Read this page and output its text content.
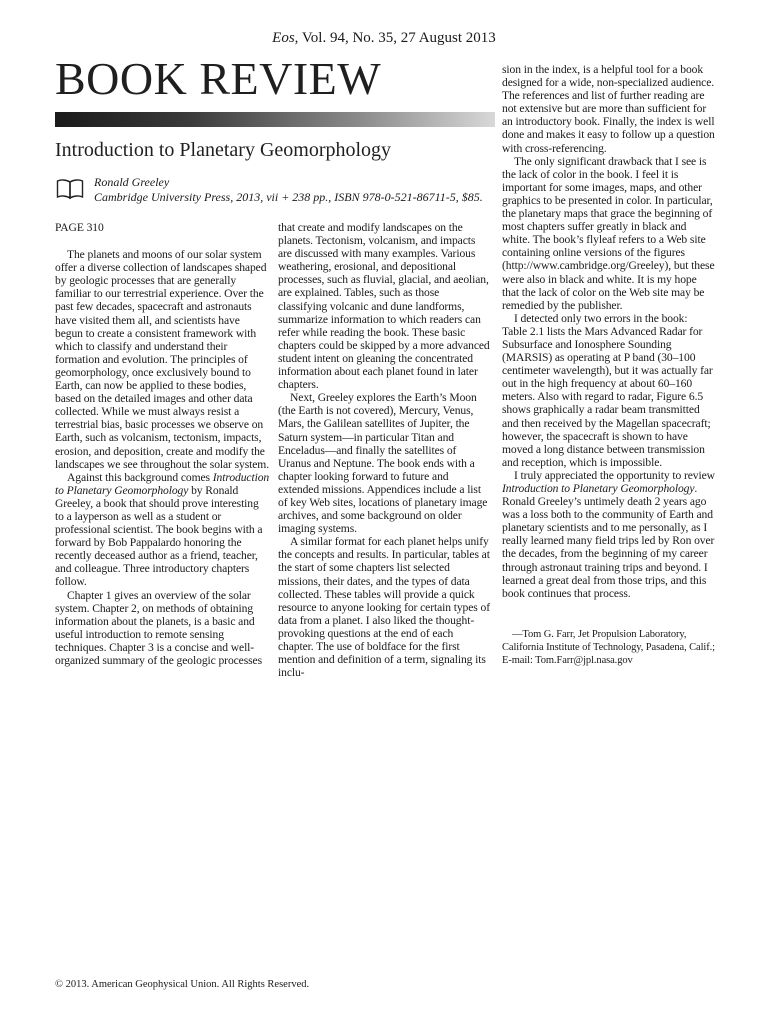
Eos, Vol. 94, No. 35, 27 August 2013
BOOK REVIEW
Introduction to Planetary Geomorphology
Ronald Greeley
Cambridge University Press, 2013, vii + 238 pp., ISBN 978-0-521-86711-5, $85.

PAGE 310

The planets and moons of our solar system offer a diverse collection of landscapes shaped by geologic processes that are generally familiar to our terrestrial experience. Over the past few decades, spacecraft and astronauts have visited them all, and scientists have begun to create a consistent framework with which to classify and understand their formation and evolution. The principles of geomorphology, once exclusively bound to Earth, can now be applied to these bodies, based on the detailed images and other data collected. While we must always resist a terrestrial bias, basic processes we observe on Earth, such as volcanism, tectonism, impacts, erosion, and deposition, create and modify the landscapes we see throughout the solar system.

Against this background comes Introduction to Planetary Geomorphology by Ronald Greeley, a book that should prove interesting to a layperson as well as a student or professional scientist. The book begins with a forward by Bob Pappalardo honoring the recently deceased author as a friend, teacher, and colleague. Three introductory chapters follow.

Chapter 1 gives an overview of the solar system. Chapter 2, on methods of obtaining information about the planets, is a basic and useful introduction to remote sensing techniques. Chapter 3 is a concise and well-organized summary of the geologic processes

that create and modify landscapes on the planets. Tectonism, volcanism, and impacts are discussed with many examples. Various weathering, erosional, and depositional processes, such as fluvial, glacial, and aeolian, are explained. Tables, such as those classifying volcanic and dune landforms, summarize information to which readers can refer while reading the book. These basic chapters could be skipped by a more advanced student intent on gleaning the concentrated information about each planet found in later chapters.

Next, Greeley explores the Earth’s Moon (the Earth is not covered), Mercury, Venus, Mars, the Galilean satellites of Jupiter, the Saturn system—in particular Titan and Enceladus—and finally the satellites of Uranus and Neptune. The book ends with a chapter looking forward to future and extended missions. Appendices include a list of key Web sites, locations of planetary image archives, and some background on older imaging systems.

A similar format for each planet helps unify the concepts and results. In particular, tables at the start of some chapters list selected missions, their dates, and the types of data collected. These tables will provide a quick resource to anyone looking for certain types of data from a planet. I also liked the thought-provoking questions at the end of each chapter. The use of boldface for the first mention and definition of a term, signaling its inclu-

sion in the index, is a helpful tool for a book designed for a wide, non-specialized audience. The references and list of further reading are not extensive but are more than sufficient for an introductory book. Finally, the index is well done and makes it easy to follow up a question with cross-referencing.

The only significant drawback that I see is the lack of color in the book. I feel it is important for some images, maps, and other graphics to be presented in color. In particular, the planetary maps that grace the beginning of most chapters suffer greatly in black and white. The book’s flyleaf refers to a Web site containing online versions of the figures (http://www.cambridge.org/Greeley), but these were also in black and white. It is my hope that the lack of color on the Web site may be remedied by the publisher.

I detected only two errors in the book: Table 2.1 lists the Mars Advanced Radar for Subsurface and Ionosphere Sounding (MARSIS) as operating at P band (30–100 centimeter wavelength), but it was actually far out in the high frequency at about 60–160 meters. Also with regard to radar, Figure 6.5 shows graphically a radar beam transmitted and then received by the Magellan spacecraft; however, the spacecraft is shown to have moved a long distance between transmission and reception, which is impossible.

I truly appreciated the opportunity to review Introduction to Planetary Geomorphology. Ronald Greeley’s untimely death 2 years ago was a loss both to the community of Earth and planetary scientists and to me personally, as I really learned many field trips led by Ron over the decades, from the beginning of my career through astronaut training trips and beyond. I learned a great deal from those trips, and this book continues that process.

—Tom G. Farr, Jet Propulsion Laboratory, California Institute of Technology, Pasadena, Calif.; E-mail: Tom.Farr@jpl.nasa.gov

© 2013. American Geophysical Union. All Rights Reserved.
